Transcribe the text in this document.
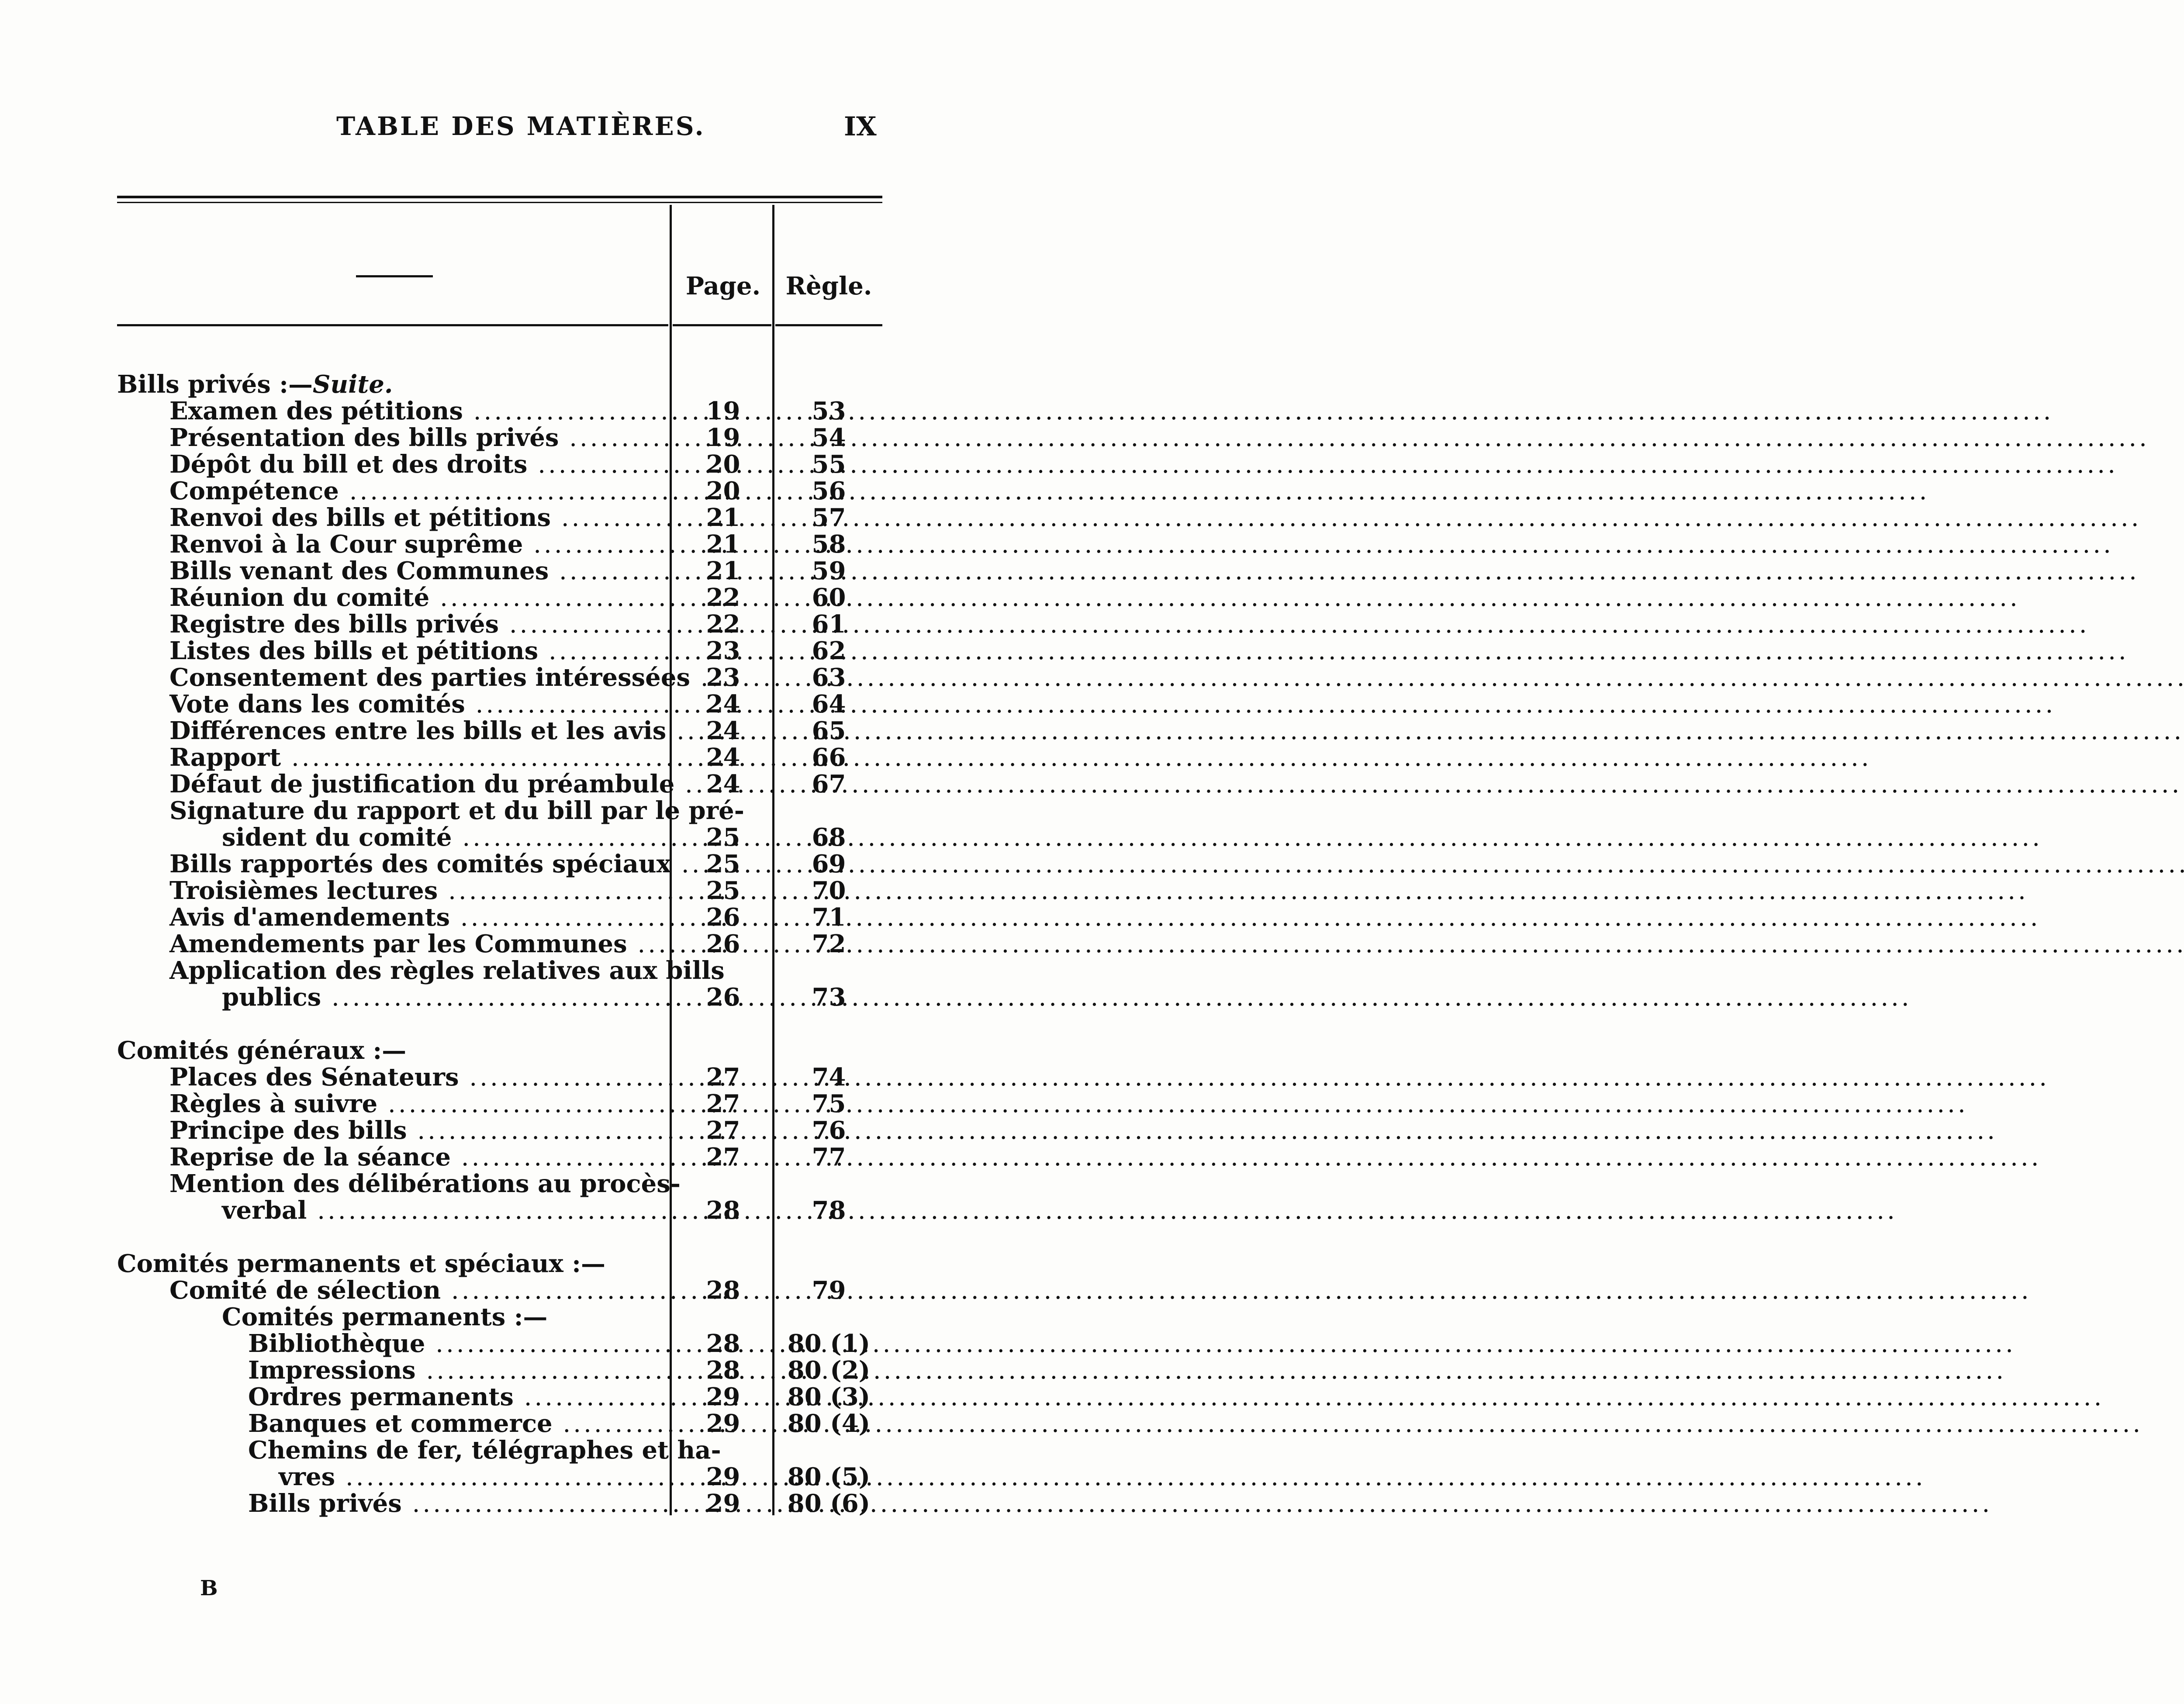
TABLE DES MATIÈRES.	IX
Page.	Règle.
Bills privés :—Suite.
Examen des pétitions .....	19	53
Présentation des bills privés .....	19	54
Dépôt du bill et des droits .....	20	55
Compétence .....	20	56
Renvoi des bills et pétitions .....	21	57
Renvoi à la Cour suprême .....	21	58
Bills venant des Communes .....	21	59
Réunion du comité .....	22	60
Registre des bills privés .....	22	61
Listes des bills et pétitions .....	23	62
Consentement des parties intéressées ..... 23	63
Vote dans les comités .....	24	64
Différences entre les bills et les avis .....	24	65
Rapport .....	24	66
Défaut de justification du préambule .....	24	67
Signature du rapport et du bill par le pré-
sident du comité .....	25	68
Bills rapportés des comités spéciaux .....	25	69
Troisièmes lectures .....	25	70
Avis d'amendements .....	26	71
Amendements par les Communes .....	26	72
Application des règles relatives aux bills
publics .....	26	73
Comités généraux :—
Places des Sénateurs .....	27	74
Règles à suivre .....	27	75
Principe des bills .....	27	76
Reprise de la séance .....	27	77
Mention des délibérations au procès-
verbal .....	28	78
Comités permanents et spéciaux :—
Comité de sélection .....	28	79
Comités permanents :—
Bibliothèque .....	28	80 (1)
Impressions .....	28	80 (2)
Ordres permanents .....	29	80 (3)
Banques et commerce .....	29	80 (4)
Chemins de fer, télégraphes et ha-
vres .....	29	80 (5)
Bills privés .....	29	80 (6)
B
